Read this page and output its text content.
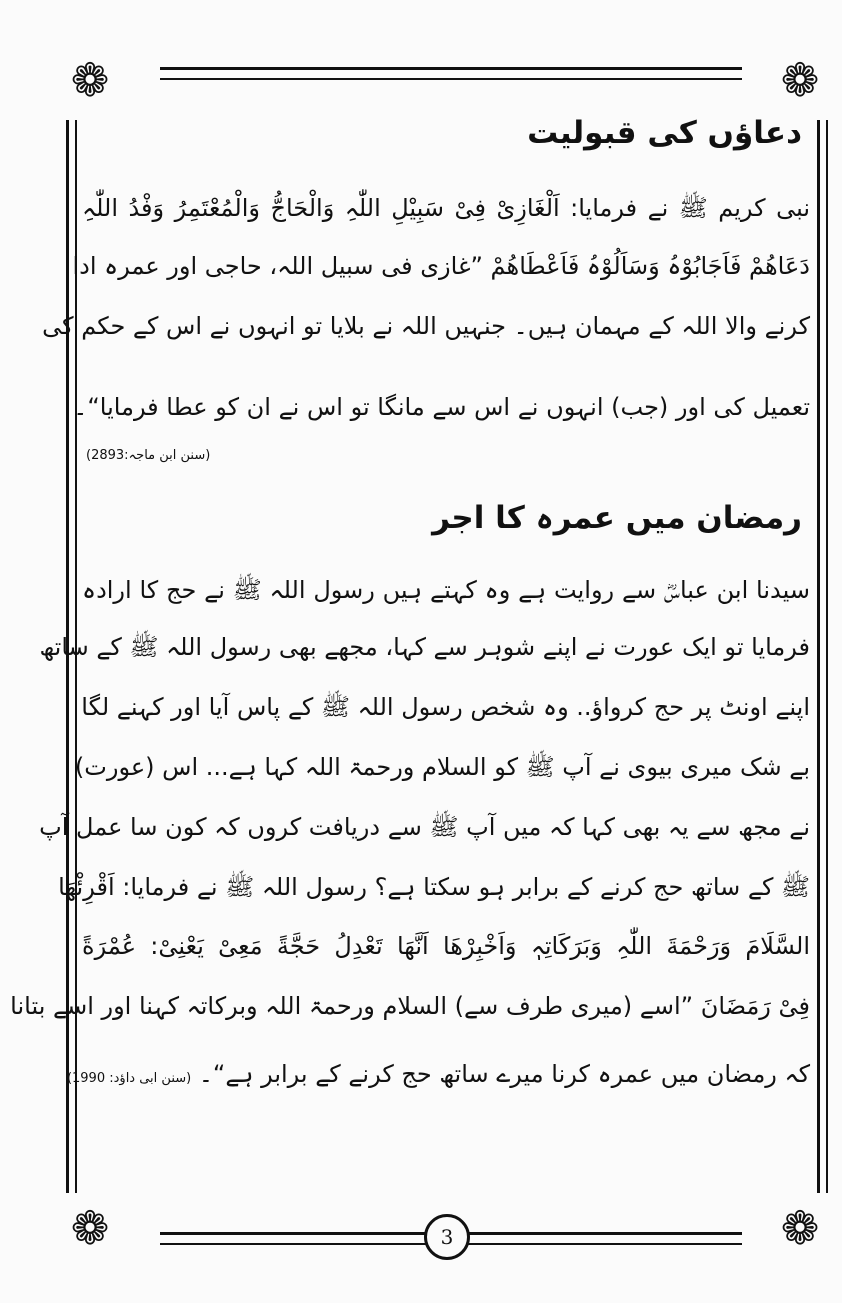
❁	❁
❁	❁
دعاؤں کی قبولیت
نبی کریم ﷺ نے فرمایا: اَلْغَازِیْ فِیْ سَبِیْلِ اللّٰہِ وَالْحَاجُّ وَالْمُعْتَمِرُ وَفْدُ اللّٰہِ
دَعَاھُمْ فَاَجَابُوْہُ وَسَاَلُوْہُ فَاَعْطَاھُمْ ”غازی فی سبیل اللہ، حاجی اور عمرہ ادا
کرنے والا اللہ کے مہمان ہیں۔ جنہیں اللہ نے بلایا تو انہوں نے اس کے حکم کی
تعمیل کی اور (جب) انہوں نے اس سے مانگا تو اس نے ان کو عطا فرمایا“۔
(سنن ابن ماجہ:2893)
رمضان میں عمرہ کا اجر
سیدنا ابن عباسؓ سے روایت ہے وہ کہتے ہیں رسول اللہ ﷺ نے حج کا ارادہ
فرمایا تو ایک عورت نے اپنے شوہر سے کہا، مجھے بھی رسول اللہ ﷺ کے ساتھ
اپنے اونٹ پر حج کرواؤ.. وہ شخص رسول اللہ ﷺ کے پاس آیا اور کہنے لگا
بے شک میری بیوی نے آپ ﷺ کو السلام ورحمۃ اللہ کہا ہے... اس (عورت)
نے مجھ سے یہ بھی کہا کہ میں آپ ﷺ سے دریافت کروں کہ کون سا عمل آپ
ﷺ کے ساتھ حج کرنے کے برابر ہو سکتا ہے؟ رسول اللہ ﷺ نے فرمایا: اَقْرِئْھَا
السَّلَامَ وَرَحْمَةَ اللّٰہِ وَبَرَکَاتِہٖ وَاَخْبِرْھَا اَنَّھَا تَعْدِلُ حَجَّةً مَعِیْ یَعْنِیْ: عُمْرَةً
فِیْ رَمَضَانَ ”اسے (میری طرف سے) السلام ورحمۃ اللہ وبرکاتہ کہنا اور اسے بتانا
کہ رمضان میں عمرہ کرنا میرے ساتھ حج کرنے کے برابر ہے“۔ (سنن ابی داؤد: 1990)
3
